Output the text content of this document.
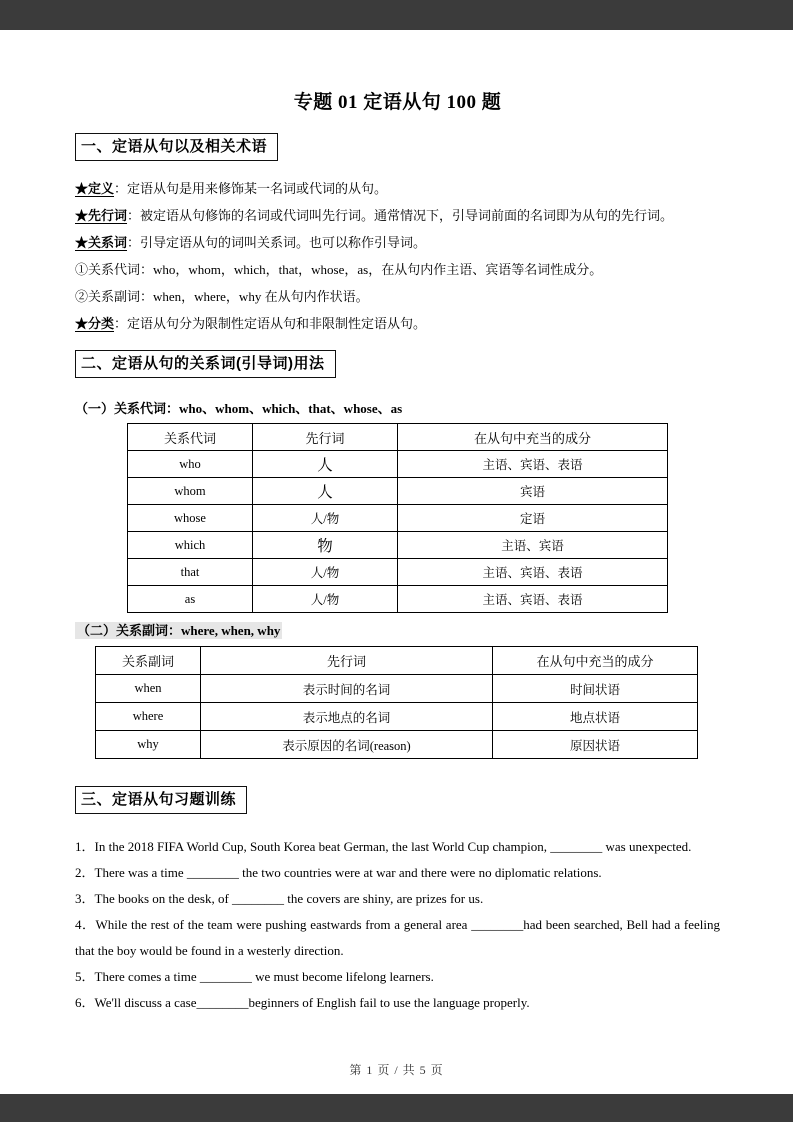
专题 01 定语从句 100 题
一、定语从句以及相关术语

★定义：定语从句是用来修饰某一名词或代词的从句。

★先行词：被定语从句修饰的名词或代词叫先行词。通常情况下，引导词前面的名词即为从句的先行词。

★关系词：引导定语从句的词叫关系词。也可以称作引导词。

①关系代词：who，whom，which，that，whose，as，在从句内作主语、宾语等名词性成分。

②关系副词：when，where，why 在从句内作状语。

★分类：定语从句分为限制性定语从句和非限制性定语从句。

二、定语从句的关系词(引导词)用法

（一）关系代词：who、whom、which、that、whose、as

关系代词	先行词	在从句中充当的成分
who	人	主语、宾语、表语
whom	人	宾语
whose	人/物	定语
which	物	主语、宾语
that	人/物	主语、宾语、表语
as	人/物	主语、宾语、表语

（二）关系副词：where, when, why

关系副词	先行词	在从句中充当的成分
when	表示时间的名词	时间状语
where	表示地点的名词	地点状语
why	表示原因的名词(reason)	原因状语
三、定语从句习题训练

1．In the 2018 FIFA World Cup, South Korea beat German, the last World Cup champion, ________ was unexpected.

2．There was a time ________ the two countries were at war and there were no diplomatic relations.

3．The books on the desk, of ________ the covers are shiny, are prizes for us.

4．While the rest of the team were pushing eastwards from a general area ________had been searched, Bell had a feeling that the boy would be found in a westerly direction.

5．There comes a time ________ we must become lifelong learners.

6．We'll discuss a case________beginners of English fail to use the language properly.

第 1 页 / 共 5 页
